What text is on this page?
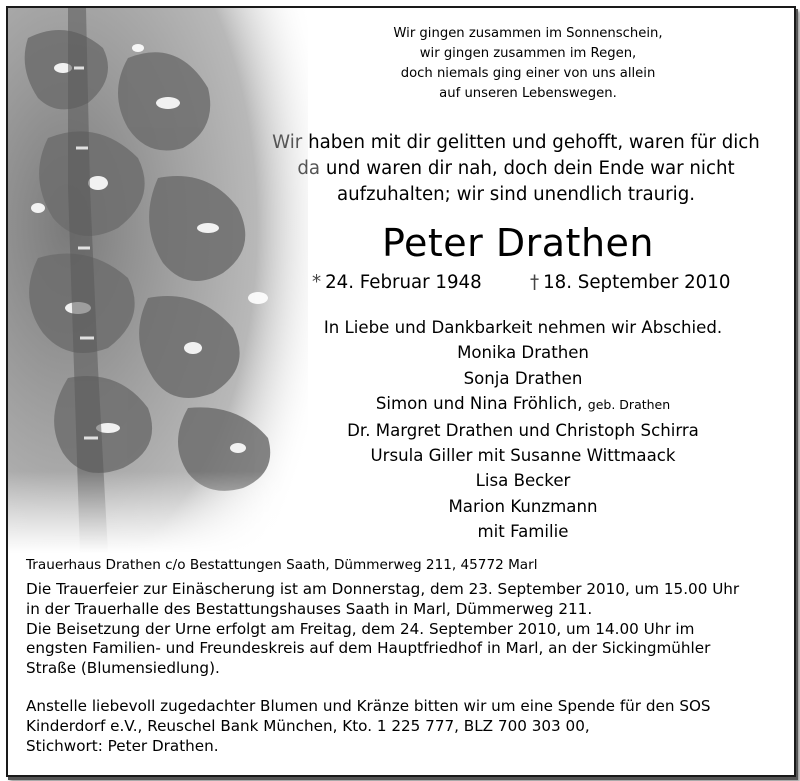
Wir gingen zusammen im Sonnenschein,
wir gingen zusammen im Regen,
doch niemals ging einer von uns allein
auf unseren Lebenswegen.
Wir haben mit dir gelitten und gehofft, waren für dich
da und waren dir nah, doch dein Ende war nicht
aufzuhalten; wir sind unendlich traurig.
Peter Drathen
* 24. Februar 1948	† 18. September 2010
In Liebe und Dankbarkeit nehmen wir Abschied.
Monika Drathen
Sonja Drathen
Simon und Nina Fröhlich, geb. Drathen
Dr. Margret Drathen und Christoph Schirra
Ursula Giller mit Susanne Wittmaack
Lisa Becker
Marion Kunzmann
mit Familie
Trauerhaus Drathen c/o Bestattungen Saath, Dümmerweg 211, 45772 Marl
Die Trauerfeier zur Einäscherung ist am Donnerstag, dem 23. September 2010, um 15.00 Uhr
in der Trauerhalle des Bestattungshauses Saath in Marl, Dümmerweg 211.
Die Beisetzung der Urne erfolgt am Freitag, dem 24. September 2010, um 14.00 Uhr im
engsten Familien- und Freundeskreis auf dem Hauptfriedhof in Marl, an der Sickingmühler
Straße (Blumensiedlung).
Anstelle liebevoll zugedachter Blumen und Kränze bitten wir um eine Spende für den SOS
Kinderdorf e.V., Reuschel Bank München, Kto. 1 225 777, BLZ 700 303 00,
Stichwort: Peter Drathen.
